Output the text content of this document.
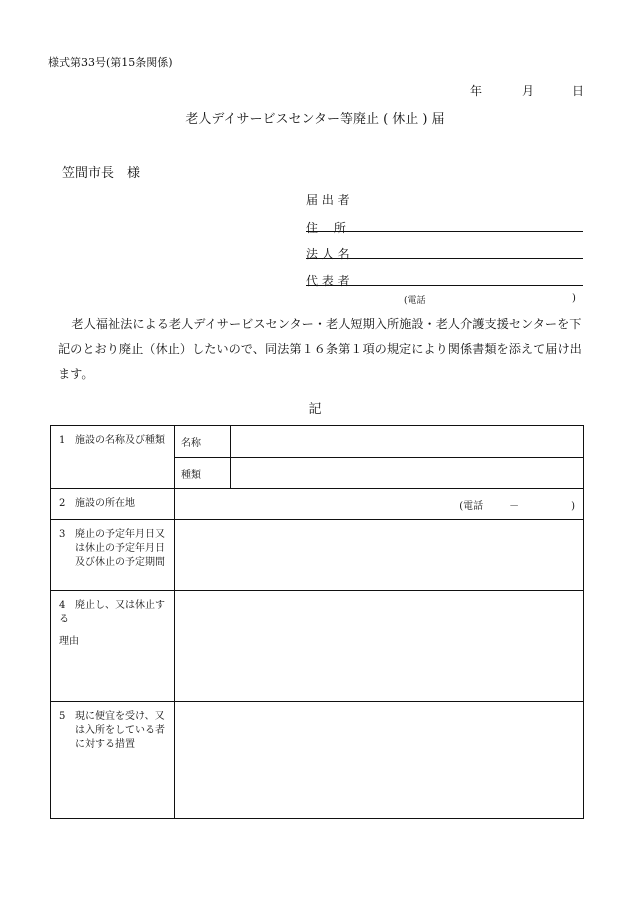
様式第33号(第15条関係)
年	月	日
老人デイサービスセンター等廃止 ( 休止 ) 届
笠間市長　様
届 出 者
住　 所
法 人 名
代 表 者
(電話	)
老人福祉法による老人デイサービスセンター・老人短期入所施設・老人介護支援センターを下記のとおり廃止（休止）したいので、同法第１６条第１項の規定により関係書類を添えて届け出ます。
記
1 施設の名称及び種類	名称	
	種類	
2 施設の所在地	(電話 － )	

3 廃止の予定年月日又は休止の予定年月日及び休止の予定期間		

4 廃止し、又は休止する
理由		

5 現に便宜を受け、又は入所をしている者に対する措置		
